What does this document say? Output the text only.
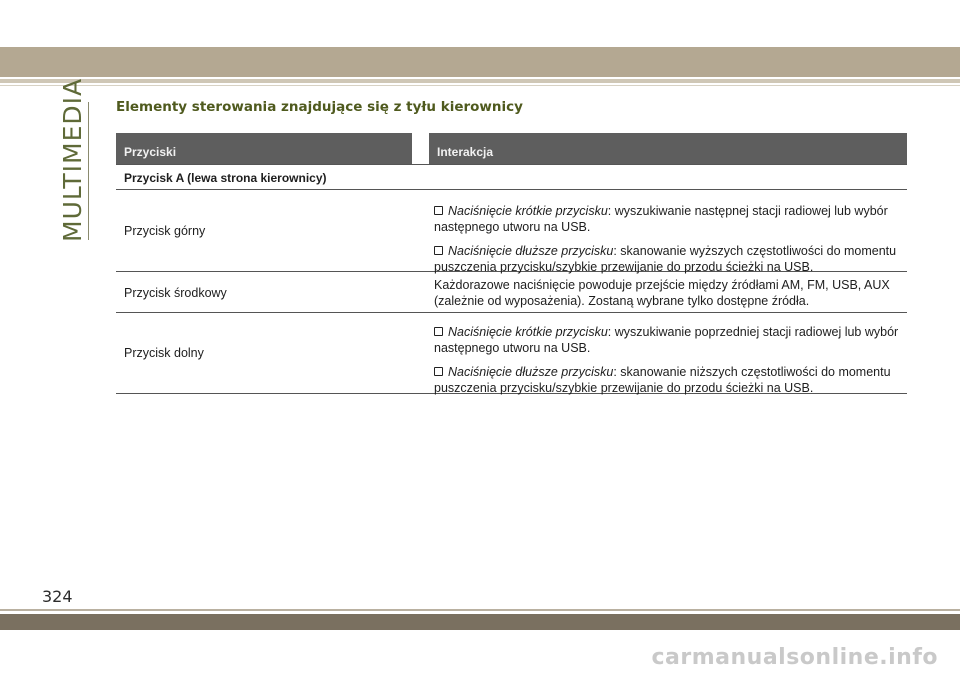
MULTIMEDIA Elementy sterowania znajdujące się z tyłu kierownicy
Przyciski	Interakcja
Przycisk A (lewa strona kierownicy)
Przycisk górny
Naciśnięcie krótkie przycisku: wyszukiwanie następnej stacji radiowej lub wybór następnego utworu na USB.
Naciśnięcie dłuższe przycisku: skanowanie wyższych częstotliwości do momentu puszczenia przycisku/szybkie przewijanie do przodu ścieżki na USB.
Przycisk środkowy
Każdorazowe naciśnięcie powoduje przejście między źródłami AM, FM, USB, AUX (zależnie od wyposażenia). Zostaną wybrane tylko dostępne źródła.
Przycisk dolny
Naciśnięcie krótkie przycisku: wyszukiwanie poprzedniej stacji radiowej lub wybór następnego utworu na USB.
Naciśnięcie dłuższe przycisku: skanowanie niższych częstotliwości do momentu puszczenia przycisku/szybkie przewijanie do przodu ścieżki na USB.
324
carmanualsonline.info
